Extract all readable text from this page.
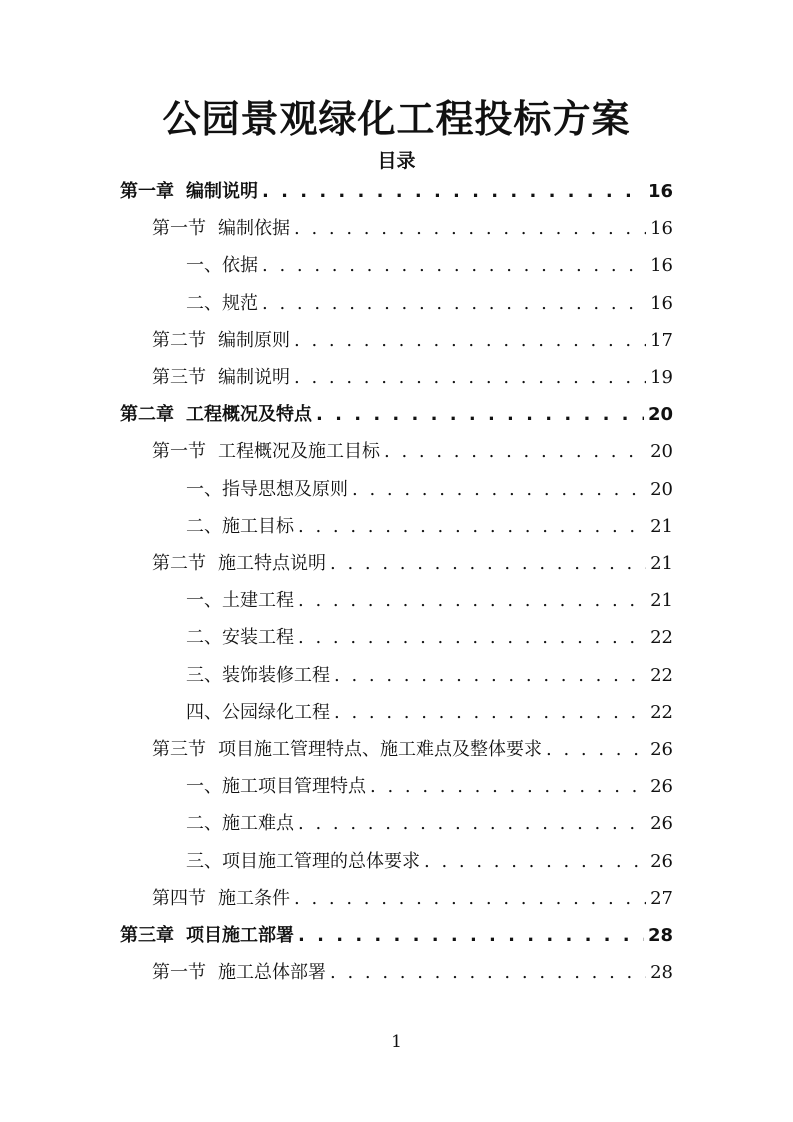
公园景观绿化工程投标方案
目录
第一章 编制说明 . . .	16
第一节 编制依据 . . .	16
一、依据 . . .	16
二、规范 . . .	16
第二节 编制原则 . . .	17
第三节 编制说明 . . .	19
第二章 工程概况及特点 . . .	20
第一节 工程概况及施工目标 . . .	20
一、指导思想及原则 . . .	20
二、施工目标 . . .	21
第二节 施工特点说明 . . .	21
一、土建工程 . . .	21
二、安装工程 . . .	22
三、装饰装修工程 . . .	22
四、公园绿化工程 . . .	22
第三节 项目施工管理特点、施工难点及整体要求 . . .	26
一、施工项目管理特点 . . .	26
二、施工难点 . . .	26
三、项目施工管理的总体要求 . . .	26
第四节 施工条件 . . .	27
第三章 项目施工部署 . . .	28
第一节 施工总体部署 . . .	28
1
